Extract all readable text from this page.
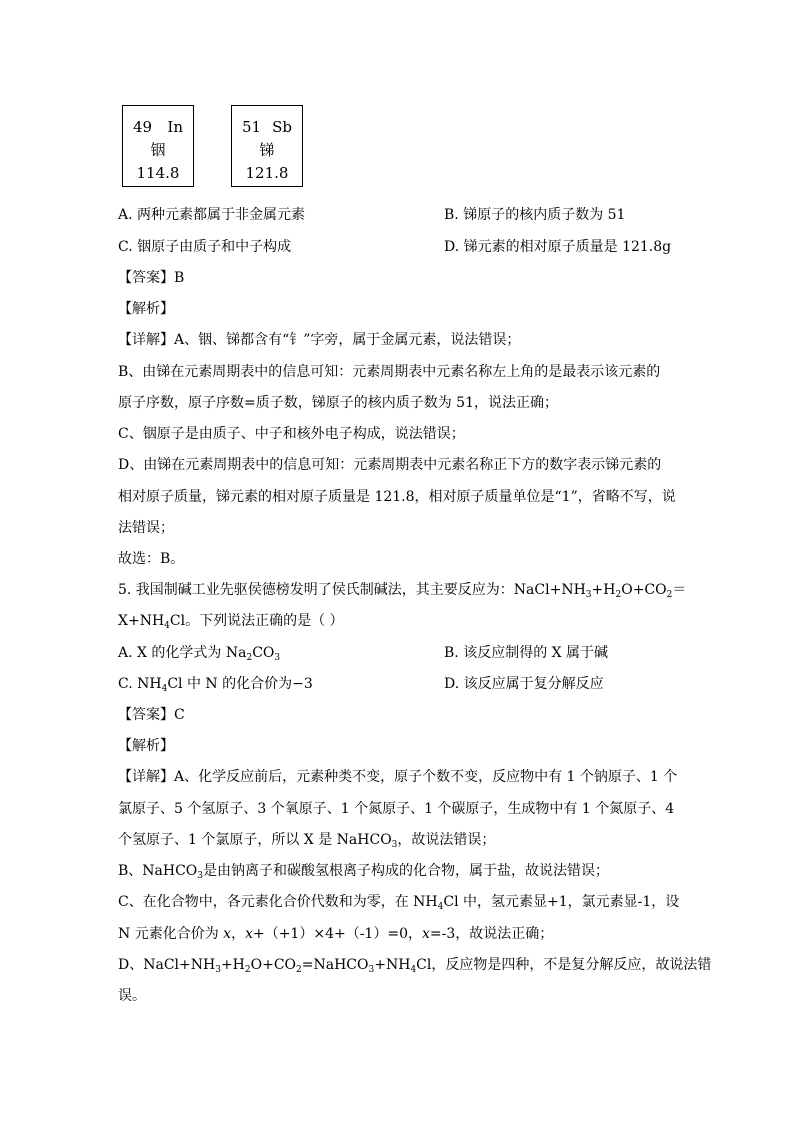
49 In
铟
114.8
51 Sb
锑
121.8
A. 两种元素都属于非金属元素	B. 锑原子的核内质子数为 51
C. 铟原子由质子和中子构成	D. 锑元素的相对原子质量是 121.8g
【答案】B
【解析】
【详解】A、铟、锑都含有“钅”字旁，属于金属元素，说法错误；
B、由锑在元素周期表中的信息可知：元素周期表中元素名称左上角的是最表示该元素的
原子序数，原子序数=质子数，锑原子的核内质子数为 51，说法正确；
C、铟原子是由质子、中子和核外电子构成，说法错误；
D、由锑在元素周期表中的信息可知：元素周期表中元素名称正下方的数字表示锑元素的
相对原子质量，锑元素的相对原子质量是 121.8，相对原子质量单位是“1”，省略不写，说
法错误；
故选：B。
5. 我国制碱工业先驱侯德榜发明了侯氏制碱法，其主要反应为：$NaCl+NH_3+H_2O+CO_2=$
$X+NH_4Cl$。下列说法正确的是（ ）
A. X 的化学式为 $Na_2CO_3$	B. 该反应制得的 X 属于碱
C. $NH_4Cl$ 中 N 的化合价为−3	D. 该反应属于复分解反应
【答案】C
【解析】
【详解】A、化学反应前后，元素种类不变，原子个数不变，反应物中有 1 个钠原子、1 个
氯原子、5 个氢原子、3 个氧原子、1 个氮原子、1 个碳原子，生成物中有 1 个氮原子、4
个氢原子、1 个氯原子，所以 X 是 NaHCO$_3$，故说法错误；
B、NaHCO$_3$是由钠离子和碳酸氢根离子构成的化合物，属于盐，故说法错误；
C、在化合物中，各元素化合价代数和为零，在 $NH_4Cl$ 中，氢元素显+1，氯元素显-1，设
N 元素化合价为 x，x+（+1）×4+（-1）=0，x=-3，故说法正确；
D、$NaCl+NH_3+H_2O+CO_2=NaHCO_3+NH_4Cl$，反应物是四种，不是复分解反应，故说法错
误。
